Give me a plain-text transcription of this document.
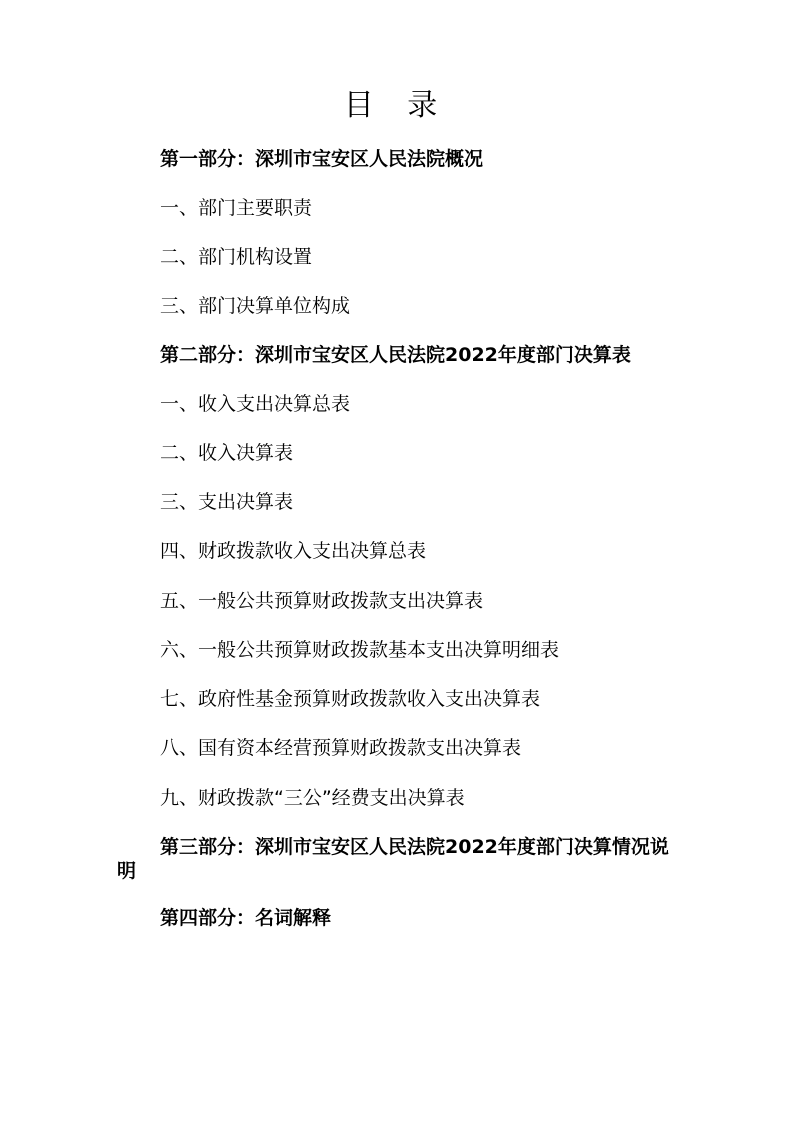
目 录
第一部分：深圳市宝安区人民法院概况
一、部门主要职责
二、部门机构设置
三、部门决算单位构成
第二部分：深圳市宝安区人民法院2022年度部门决算表
一、收入支出决算总表
二、收入决算表
三、支出决算表
四、财政拨款收入支出决算总表
五、一般公共预算财政拨款支出决算表
六、一般公共预算财政拨款基本支出决算明细表
七、政府性基金预算财政拨款收入支出决算表
八、国有资本经营预算财政拨款支出决算表
九、财政拨款“三公”经费支出决算表
第三部分：深圳市宝安区人民法院2022年度部门决算情况说明
第四部分：名词解释
